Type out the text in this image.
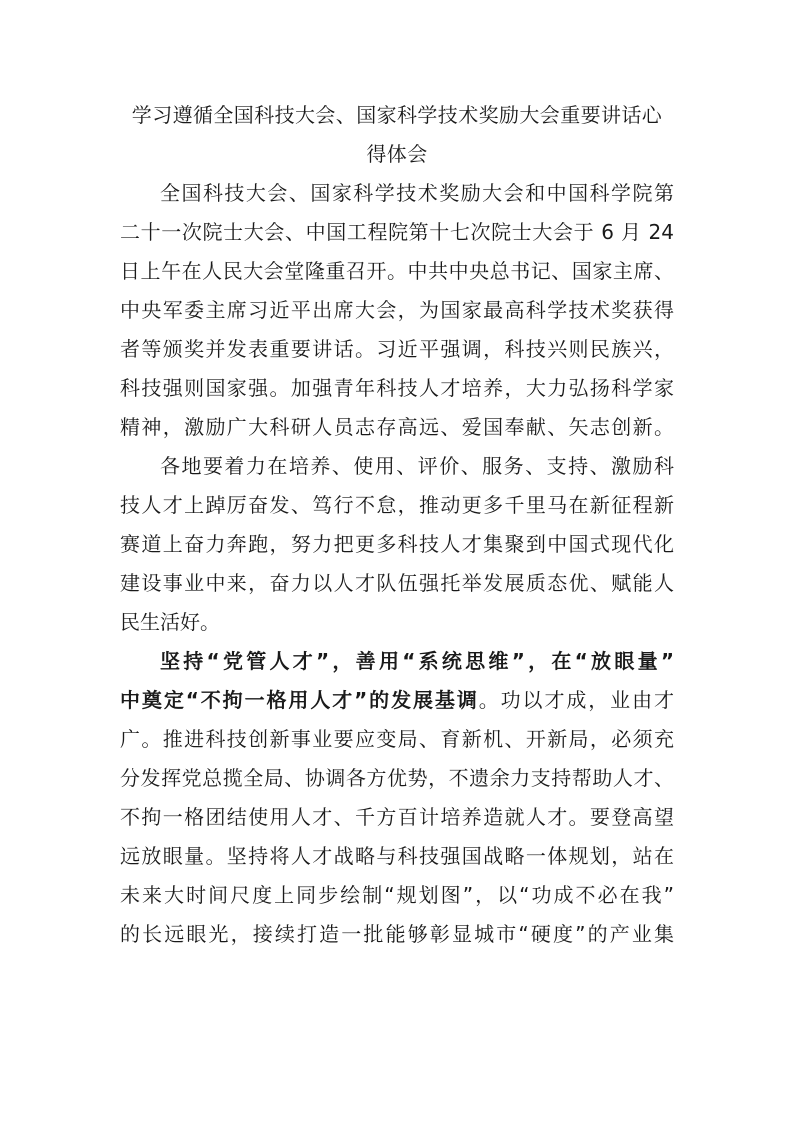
学习遵循全国科技大会、国家科学技术奖励大会重要讲话心
得体会

全国科技大会、国家科学技术奖励大会和中国科学院第
二十一次院士大会、中国工程院第十七次院士大会于 6 月 24
日上午在人民大会堂隆重召开。中共中央总书记、国家主席、
中央军委主席习近平出席大会，为国家最高科学技术奖获得
者等颁奖并发表重要讲话。习近平强调，科技兴则民族兴，
科技强则国家强。加强青年科技人才培养，大力弘扬科学家
精神，激励广大科研人员志存高远、爱国奉献、矢志创新。

各地要着力在培养、使用、评价、服务、支持、激励科
技人才上踔厉奋发、笃行不怠，推动更多千里马在新征程新
赛道上奋力奔跑，努力把更多科技人才集聚到中国式现代化
建设事业中来，奋力以人才队伍强托举发展质态优、赋能人
民生活好。

坚持“党管人才”，善用“系统思维”，在“放眼量”
中奠定“不拘一格用人才”的发展基调。功以才成，业由才
广。推进科技创新事业要应变局、育新机、开新局，必须充
分发挥党总揽全局、协调各方优势，不遗余力支持帮助人才、
不拘一格团结使用人才、千方百计培养造就人才。要登高望
远放眼量。坚持将人才战略与科技强国战略一体规划，站在
未来大时间尺度上同步绘制“规划图”，以“功成不必在我”
的长远眼光，接续打造一批能够彰显城市“硬度”的产业集
